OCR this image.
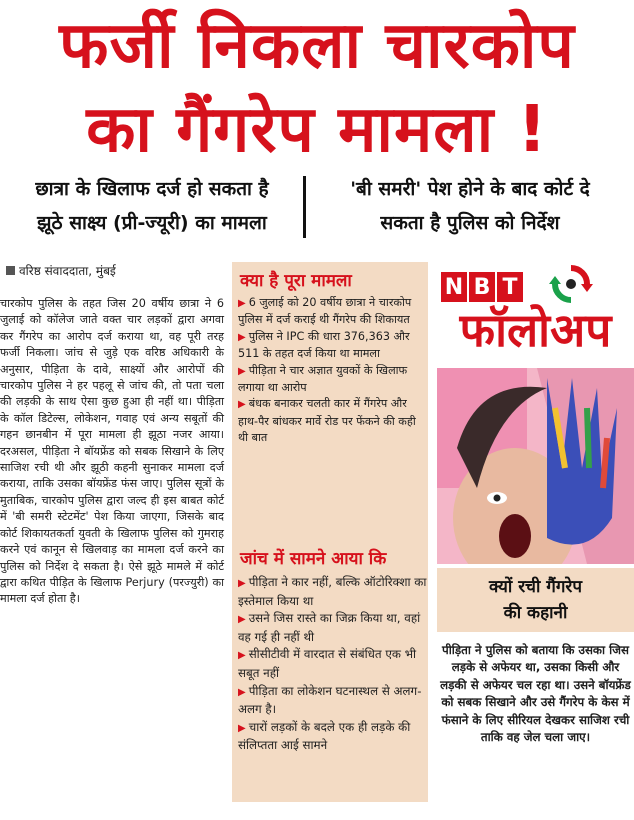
फर्जी निकला चारकोप
का गैंगरेप मामला !
छात्रा के खिलाफ दर्ज हो सकता है
झूठे साक्ष्य (प्री-ज्यूरी) का मामला
'बी समरी' पेश होने के बाद कोर्ट दे
सकता है पुलिस को निर्देश
वरिष्ठ संवाददाता, मुंबई
चारकोप पुलिस के तहत जिस 20 वर्षीय छात्रा ने 6 जुलाई को कॉलेज जाते वक्त चार लड़कों द्वारा अगवा कर गैंगरेप का आरोप दर्ज कराया था, वह पूरी तरह फर्जी निकला। जांच से जुड़े एक वरिष्ठ अधिकारी के अनुसार, पीड़िता के दावे, साक्ष्यों और आरोपों की चारकोप पुलिस ने हर पहलू से जांच की, तो पता चला की लड़की के साथ ऐसा कुछ हुआ ही नहीं था। पीड़िता के कॉल डिटेल्स, लोकेशन, गवाह एवं अन्य सबूतों की गहन छानबीन में पूरा मामला ही झूठा नजर आया। दरअसल, पीड़िता ने बॉयफ्रेंड को सबक सिखाने के लिए साजिश रची थी और झूठी कहनी सुनाकर मामला दर्ज कराया, ताकि उसका बॉयफ्रेंड फंस जाए। पुलिस सूत्रों के मुताबिक, चारकोप पुलिस द्वारा जल्द ही इस बाबत कोर्ट में 'बी समरी स्टेटमेंट' पेश किया जाएगा, जिसके बाद कोर्ट शिकायतकर्ता युवती के खिलाफ पुलिस को गुमराह करने एवं कानून से खिलवाड़ का मामला दर्ज करने का पुलिस को निर्देश दे सकता है। ऐसे झूठे मामले में कोर्ट द्वारा कथित पीड़ित के खिलाफ Perjury (परज्युरी) का मामला दर्ज होता है।
क्या है पूरा मामला
▶ 6 जुलाई को 20 वर्षीय छात्रा ने चारकोप पुलिस में दर्ज कराई थी गैंगरेप की शिकायत
▶ पुलिस ने IPC की धारा 376,363 और 511 के तहत दर्ज किया था मामला
▶ पीड़िता ने चार अज्ञात युवकों के खिलाफ लगाया था आरोप
▶ बंधक बनाकर चलती कार में गैंगरेप और हाथ-पैर बांधकर मार्वे रोड पर फेंकने की कही थी बात
जांच में सामने आया कि
▶ पीड़िता ने कार नहीं, बल्कि ऑटोरिक्शा का इस्तेमाल किया था
▶ उसने जिस रास्ते का जिक्र किया था, वहां वह गई ही नहीं थी
▶ सीसीटीवी में वारदात से संबंधित एक भी सबूत नहीं
▶ पीड़िता का लोकेशन घटनास्थल से अलग-अलग है।
▶ चारों लड़कों के बदले एक ही लड़के की संलिप्तता आई सामने
N B T
फॉलोअप
क्यों रची गैंगरेप
की कहानी
पीड़िता ने पुलिस को बताया कि उसका जिस लड़के से अफेयर था, उसका किसी और लड़की से अफेयर चल रहा था। उसने बॉयफ्रेंड को सबक सिखाने और उसे गैंगरेप के केस में फंसाने के लिए सीरियल देखकर साजिश रची ताकि वह जेल चला जाए।
